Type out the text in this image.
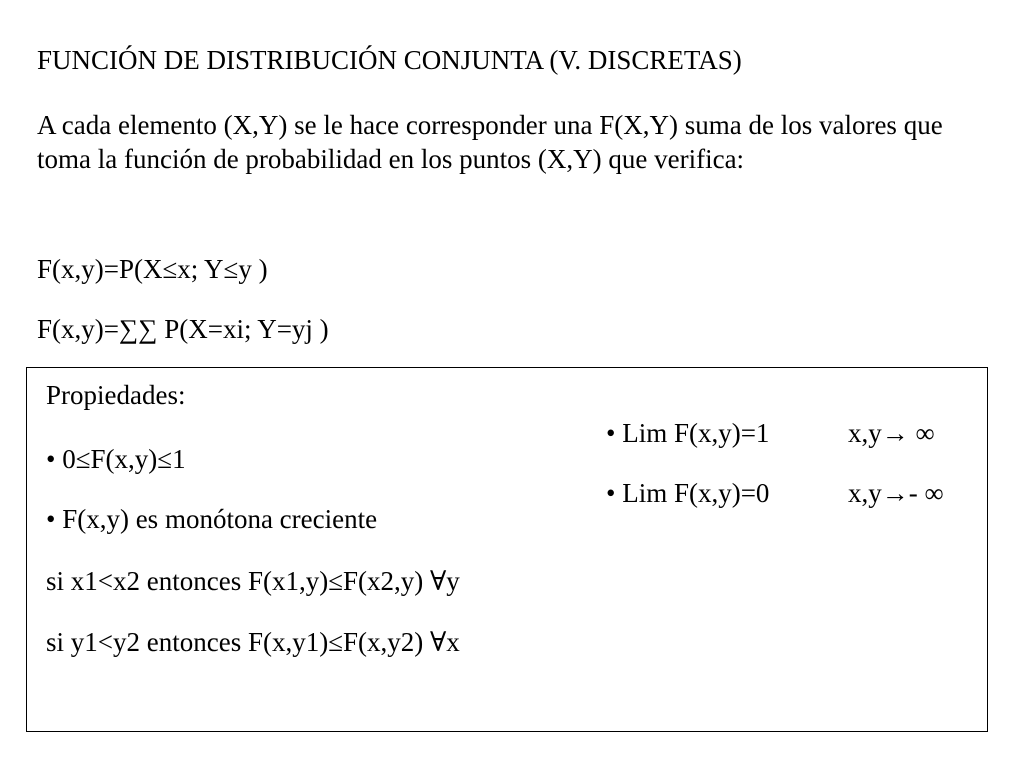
FUNCIÓN DE DISTRIBUCIÓN CONJUNTA (V. DISCRETAS)
A cada elemento (X,Y) se le hace corresponder una F(X,Y) suma de los valores que toma la función de probabilidad en los puntos (X,Y) que verifica:
F(x,y)=P(X≤x; Y≤y )
F(x,y)=∑∑ P(X=xi; Y=yj )
Propiedades:
• 0≤F(x,y)≤1
• F(x,y) es monótona creciente
si x1<x2 entonces F(x1,y)≤F(x2,y) ∀y
si y1<y2 entonces F(x,y1)≤F(x,y2) ∀x
• Lim F(x,y)=1	x,y→ ∞
• Lim F(x,y)=0	x,y→- ∞
